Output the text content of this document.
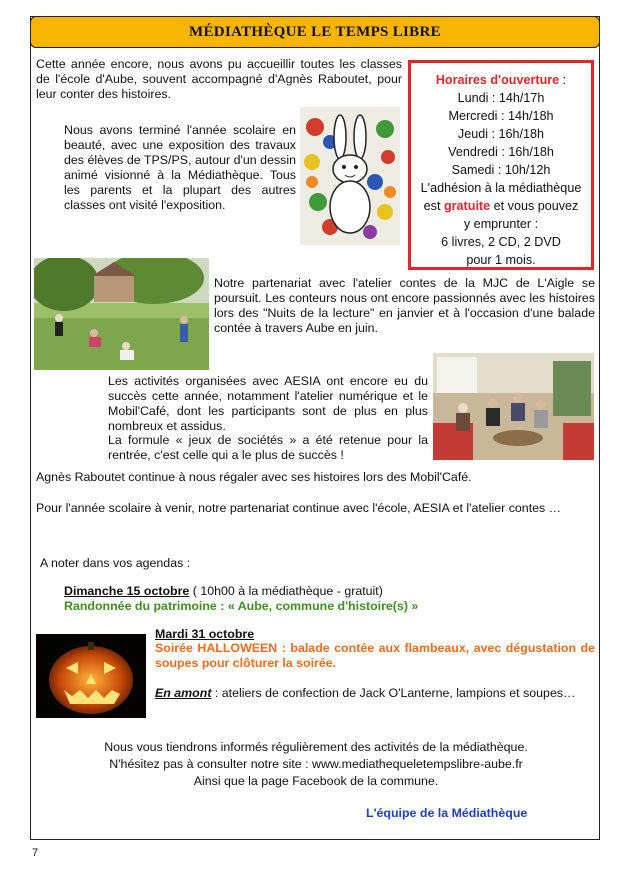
MÉDIATHÈQUE LE TEMPS LIBRE
Cette année encore, nous avons pu accueillir toutes les classes de l'école d'Aube, souvent accompagné d'Agnès Raboutet, pour leur conter des histoires.
Horaires d'ouverture :
Lundi : 14h/17h
Mercredi : 14h/18h
Jeudi : 16h/18h
Vendredi : 16h/18h
Samedi : 10h/12h
L'adhésion à la médiathèque
est gratuite et vous pouvez
y emprunter :
6 livres, 2 CD, 2 DVD
pour 1 mois.
Nous avons terminé l'année scolaire en beauté, avec une exposition des travaux des élèves de TPS/PS, autour d'un dessin animé visionné à la Médiathèque. Tous les parents et la plupart des autres classes ont visité l'exposition.
Notre partenariat avec l'atelier contes de la MJC de L'Aigle se poursuit. Les conteurs nous ont encore passionnés avec les histoires lors des "Nuits de la lecture" en janvier et à l'occasion d'une balade contée à travers Aube en juin.
Les activités organisées avec AESIA ont encore eu du succès cette année, notamment l'atelier numérique et le Mobil'Café, dont les participants sont de plus en plus nombreux et assidus.
La formule « jeux de sociétés » a été retenue pour la rentrée, c'est celle qui a le plus de succès !
Agnès Raboutet continue à nous régaler avec ses histoires lors des Mobil'Café.
Pour l'année scolaire à venir, notre partenariat continue avec l'école, AESIA et l'atelier contes …
A noter dans vos agendas :
Dimanche 15 octobre ( 10h00 à la médiathèque - gratuit)
Randonnée du patrimoine : « Aube, commune d'histoire(s) »
Mardi 31 octobre
Soirée HALLOWEEN : balade contée aux flambeaux, avec dégustation de soupes pour clôturer la soirée.
En amont : ateliers de confection de Jack O'Lanterne, lampions et soupes…
Nous vous tiendrons informés régulièrement des activités de la médiathèque.
N'hésitez pas à consulter notre site : www.mediathequeletempslibre-aube.fr
Ainsi que la page Facebook de la commune.
L'équipe de la Médiathèque
7
